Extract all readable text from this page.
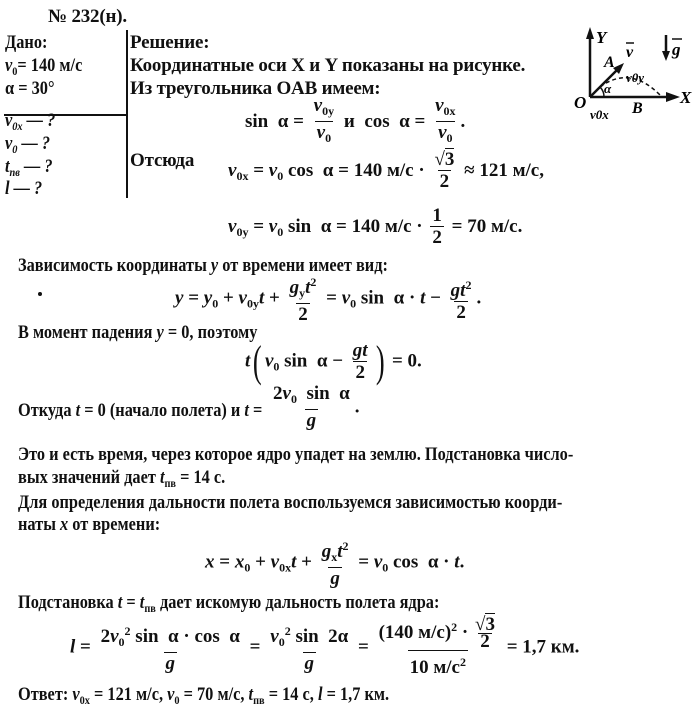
№ 232(н).
Дано:
$v_0= 140$ м/с
α = 30°
$v_{0x}$ — ?
$v_0$ — ?
$t_{пв}$ — ?
l — ?
Решение:
Координатные оси X и Y показаны на рисунке.
Из треугольника OAB имеем:
$\sin \alpha = \frac{v_{0y}}{v_0}$ и  $\cos \alpha = \frac{v_{0x}}{v_0}$ .
Отсюда $v_{0x} = v_0$ cos  α = 140 $м/с \cdot \frac{√3}{2} \approx 121$ м/с,
$v_{0y} = v_0$ sin  α = 140 $м/с \cdot \frac{1}{2} = 70$ м/с.
Зависимость координаты y от времени имеет вид:
$y = y_0 + v_{0y}t + \frac{g_yt^2}{2} = v_0$ $\sin \alpha \cdot t - \frac{gt^2}{2}$ .
В момент падения y = 0, поэтому
t( $v_0$ $\sin \alpha - \frac{gt}{2}$ ) = 0.
Откуда t = 0 (начало полета) и $t = \frac{2v_0 \sin \alpha}{g}$ .
Это и есть время, через которое ядро упадет на землю. Подстановка число-
вых значений дает $t_{пв} = 14$ с.
Для определения дальности полета воспользуемся зависимостью коорди-
наты x от времени:
$x = x_0 + v_{0x}t + \frac{g_xt^2}{g} = v_0$ cos  α · t.
Подстановка $t = t_{пв}$ дает искомую дальность полета ядра:
$l = \frac{2v_0^2 \sin \alpha \cdot \cos \alpha}{g} = \frac{v_0^2 \sin 2\alpha}{g} = \frac{(140 м/с)^2 \cdot \frac{√3}{2}}{10 м/с^2} = 1,7$ км.
Ответ: $v_{0x} = 121$ м/с, $v_0 = 70$ м/с, $t_{пв} = 14$ с, l = 1,7 км.
Y
X
α
A
v
v0y
O
v0x B
g
